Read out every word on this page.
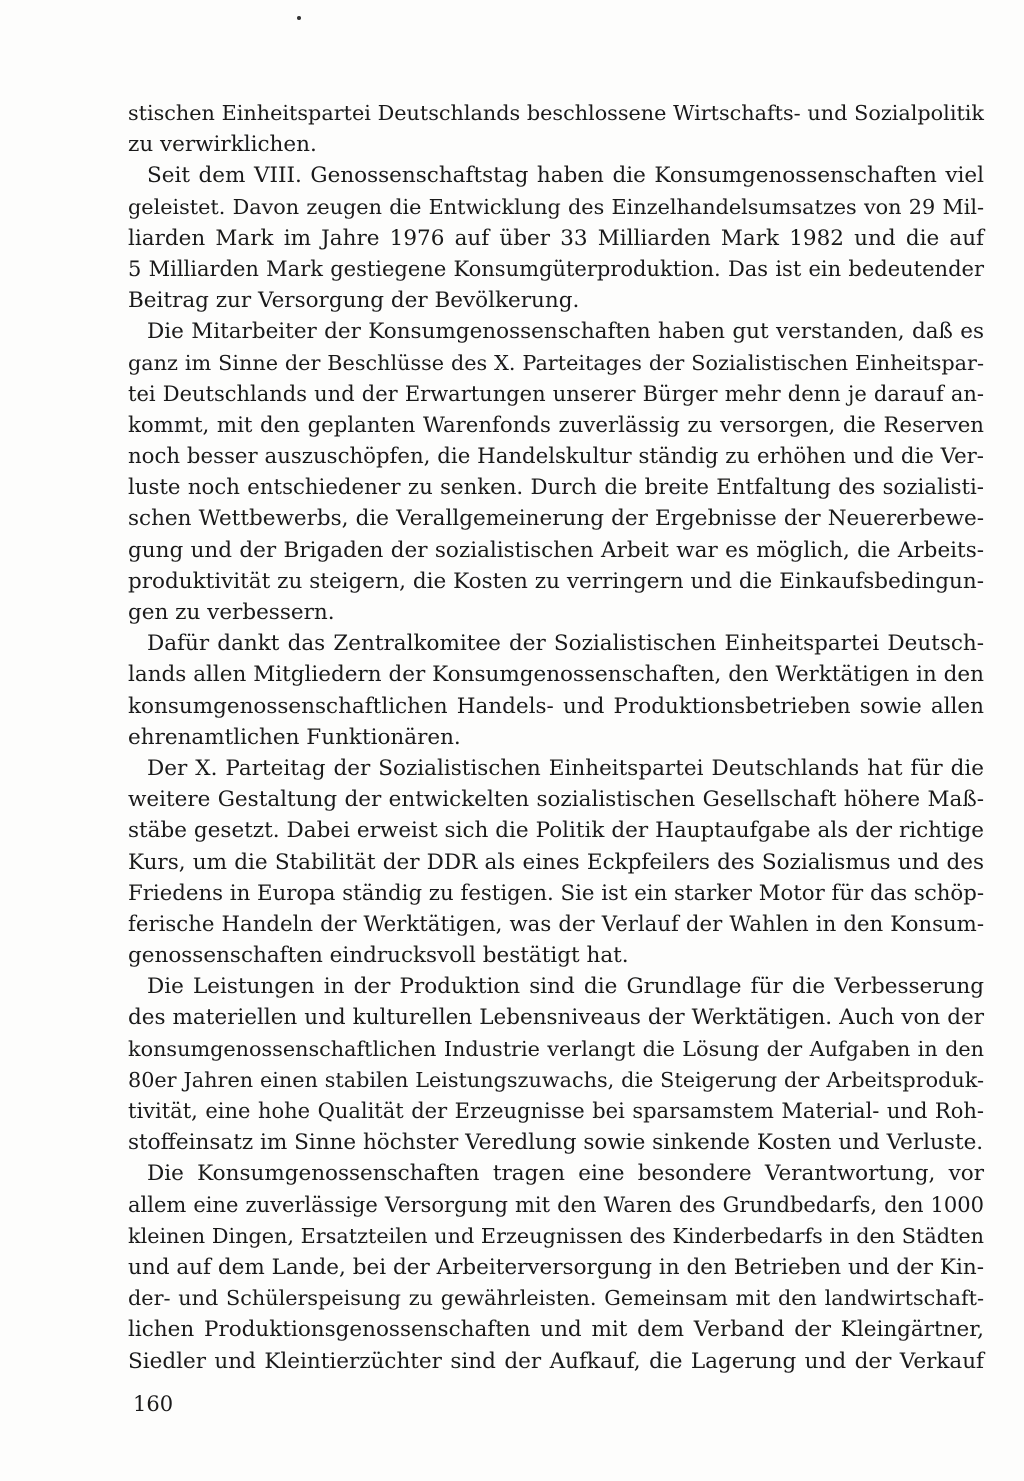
stischen Einheitspartei Deutschlands beschlossene Wirtschafts- und Sozialpolitik
zu verwirklichen.
Seit dem VIII. Genossenschaftstag haben die Konsumgenossenschaften viel
geleistet. Davon zeugen die Entwicklung des Einzelhandelsumsatzes von 29 Mil-
liarden Mark im Jahre 1976 auf über 33 Milliarden Mark 1982 und die auf
5 Milliarden Mark gestiegene Konsumgüterproduktion. Das ist ein bedeutender
Beitrag zur Versorgung der Bevölkerung.
Die Mitarbeiter der Konsumgenossenschaften haben gut verstanden, daß es
ganz im Sinne der Beschlüsse des X. Parteitages der Sozialistischen Einheitspar-
tei Deutschlands und der Erwartungen unserer Bürger mehr denn je darauf an-
kommt, mit den geplanten Warenfonds zuverlässig zu versorgen, die Reserven
noch besser auszuschöpfen, die Handelskultur ständig zu erhöhen und die Ver-
luste noch entschiedener zu senken. Durch die breite Entfaltung des sozialisti-
schen Wettbewerbs, die Verallgemeinerung der Ergebnisse der Neuererbewe-
gung und der Brigaden der sozialistischen Arbeit war es möglich, die Arbeits-
produktivität zu steigern, die Kosten zu verringern und die Einkaufsbedingun-
gen zu verbessern.
Dafür dankt das Zentralkomitee der Sozialistischen Einheitspartei Deutsch-
lands allen Mitgliedern der Konsumgenossenschaften, den Werktätigen in den
konsumgenossenschaftlichen Handels- und Produktionsbetrieben sowie allen
ehrenamtlichen Funktionären.
Der X. Parteitag der Sozialistischen Einheitspartei Deutschlands hat für die
weitere Gestaltung der entwickelten sozialistischen Gesellschaft höhere Maß-
stäbe gesetzt. Dabei erweist sich die Politik der Hauptaufgabe als der richtige
Kurs, um die Stabilität der DDR als eines Eckpfeilers des Sozialismus und des
Friedens in Europa ständig zu festigen. Sie ist ein starker Motor für das schöp-
ferische Handeln der Werktätigen, was der Verlauf der Wahlen in den Konsum-
genossenschaften eindrucksvoll bestätigt hat.
Die Leistungen in der Produktion sind die Grundlage für die Verbesserung
des materiellen und kulturellen Lebensniveaus der Werktätigen. Auch von der
konsumgenossenschaftlichen Industrie verlangt die Lösung der Aufgaben in den
80er Jahren einen stabilen Leistungszuwachs, die Steigerung der Arbeitsproduk-
tivität, eine hohe Qualität der Erzeugnisse bei sparsamstem Material- und Roh-
stoffeinsatz im Sinne höchster Veredlung sowie sinkende Kosten und Verluste.
Die Konsumgenossenschaften tragen eine besondere Verantwortung, vor
allem eine zuverlässige Versorgung mit den Waren des Grundbedarfs, den 1000
kleinen Dingen, Ersatzteilen und Erzeugnissen des Kinderbedarfs in den Städten
und auf dem Lande, bei der Arbeiterversorgung in den Betrieben und der Kin-
der- und Schülerspeisung zu gewährleisten. Gemeinsam mit den landwirtschaft-
lichen Produktionsgenossenschaften und mit dem Verband der Kleingärtner,
Siedler und Kleintierzüchter sind der Aufkauf, die Lagerung und der Verkauf
160
